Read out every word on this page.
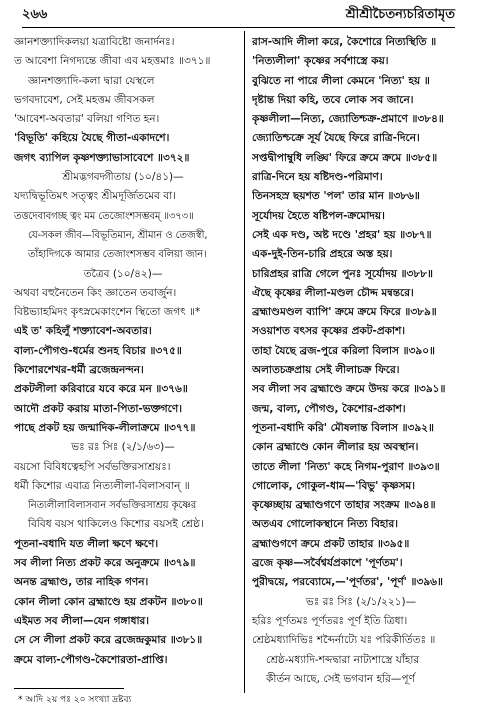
২৬৬	শ্রীশ্রীচৈতন্যচরিতামৃত
জ্ঞানশক্ত্যাদিকলয়া যত্রাবিষ্টো জনার্দনঃ।
ত আবেশা নিগদ্যন্তে জীবা এব মহত্তমাঃ ॥৩৭১॥
জ্ঞানশক্ত্যাদি-কলা দ্বারা যেস্থলে
ভগবদাবেশ, সেই মহত্তম জীবসকল
'আবেশ-অবতার' বলিয়া গণিত হন।
'বিভূতি' কহিয়ে যৈছে গীতা-একাদশে।
জগৎ ব্যাপিল কৃষ্ণশক্ত্যাভাসাবেশে ॥৩৭২॥
শ্রীমদ্ভগবদ্গীতায় (১০/৪১)—
যদ্যদ্বিভূতিমৎ সত্ত্বং শ্রীমদূর্জিতমেব বা।
তত্তদেবাবগচ্ছ ত্বং মম তেজোংশসম্ভবম্ ॥৩৭৩॥
যে-সকল জীব—বিভূতিমান, শ্রীমান ও তেজস্বী,
তাঁহাদিগকে আমার তেজাংশসম্ভব বলিয়া জান।
তত্রৈব (১০/৪২)—
অথবা বহুনৈতেন কিং জ্ঞাতেন তবার্জুন।
বিষ্টভ্যাহমিদং কৃৎস্নমেকাংশেন স্থিতো জগৎ ॥*
এই ত' কহিলুঁ শক্ত্যাবেশ-অবতার।
বাল্য-পৌগণ্ড-ধর্মের শুনহ বিচার ॥৩৭৫॥
কিশোরশেখর-ধর্মী ব্রজেন্দ্রনন্দন।
প্রকটলীলা করিবারে যবে করে মন ॥৩৭৬॥
আদৌ প্রকট করায় মাতা-পিতা-ভক্তগণে।
পাছে প্রকট হয় জন্মাদিক-লীলাক্রমে ॥৩৭৭॥
ভঃ রঃ সিঃ (২/১/৬৩)—
বয়সো বিবিধত্বেহপি সর্বভক্তিরসাশ্রয়ঃ।
ধর্মী কিশোর এবাত্র নিত্যলীলা-বিলাসবান্ ॥
নিত্যলীলাবিলাসবান সর্বভক্তিরসাশ্রয় কৃষ্ণের
বিবিধ বয়স থাকিলেও কিশোর বয়সই শ্রেষ্ঠ।
পূতনা-বধাদি যত লীলা ক্ষণে ক্ষণে।
সব লীলা নিত্য প্রকট করে অনুক্রমে ॥৩৭৯॥
অনন্ত ব্রহ্মাণ্ড, তার নাহিক গণন।
কোন লীলা কোন ব্রহ্মাণ্ডে হয় প্রকটন ॥৩৮০॥
এইমত সব লীলা—যেন গঙ্গাধার।
সে সে লীলা প্রকট করে ব্রজেন্দ্রকুমার ॥৩৮১॥
ক্রমে বাল্য-পৌগণ্ড-কৈশোরতা-প্রাপ্তি।
রাস-আদি লীলা করে, কৈশোরে নিত্যস্থিতি ॥
'নিত্যলীলা' কৃষ্ণের সর্বশাস্ত্রে কয়।
বুঝিতে না পারে লীলা কেমনে 'নিত্য' হয় ॥
দৃষ্টান্ত দিয়া কহি, তবে লোক সব জানে।
কৃষ্ণলীলা—নিত্য, জ্যোতিশ্চক্র-প্রমাণে ॥৩৮৪॥
জ্যোতিশ্চক্রে সূর্য যৈছে ফিরে রাত্রি-দিনে।
সপ্তদ্বীপাম্বুধি লঙ্ঘি' ফিরে ক্রমে ক্রমে ॥৩৮৫॥
রাত্রি-দিনে হয় ষষ্টিদণ্ড-পরিমাণ।
তিনসহস্র ছয়শত 'পল' তার মান ॥৩৮৬॥
সূর্যোদয় হৈতে ষষ্টিপল-ক্রমোদয়।
সেই এক দণ্ড, অষ্ট দণ্ডে 'প্রহর' হয় ॥৩৮৭॥
এক-দুই-তিন-চারি প্রহরে অস্ত হয়।
চারিপ্রহর রাত্রি গেলে পুনঃ সূর্যোদয় ॥৩৮৮॥
ঐছে কৃষ্ণের লীলা-মণ্ডল চৌদ্দ মন্বন্তরে।
ব্রহ্মাণ্ডমণ্ডল ব্যাপি' ক্রমে ক্রমে ফিরে ॥৩৮৯॥
সওয়াশত বৎসর কৃষ্ণের প্রকট-প্রকাশ।
তাহা যৈছে ব্রজ-পুরে করিলা বিলাস ॥৩৯০॥
অলাতচক্রপ্রায় সেই লীলাচক্র ফিরে।
সব লীলা সব ব্রহ্মাণ্ডে ক্রমে উদয় করে ॥৩৯১॥
জন্ম, বাল্য, পৌগণ্ড, কৈশোর-প্রকাশ।
পূতনা-বধাদি করি' মৌষলান্ত বিলাস ॥৩৯২॥
কোন ব্রহ্মাণ্ডে কোন লীলার হয় অবস্থান।
তাতে লীলা 'নিত্য' কহে নিগম-পুরাণ ॥৩৯৩॥
গোলোক, গোকুল-ধাম—'বিভু' কৃষ্ণসম।
কৃষ্ণেচ্ছায় ব্রহ্মাণ্ডগণে তাহার সংক্রম ॥৩৯৪॥
অতএব গোলোকস্থানে নিত্য বিহার।
ব্রহ্মাণ্ডগণে ক্রমে প্রকট তাহার ॥৩৯৫॥
ব্রজে কৃষ্ণ—সর্বৈশ্বর্যপ্রকাশে 'পূর্ণতম'।
পুরীদ্বয়ে, পরব্যোমে,—'পূর্ণতর', 'পূর্ণ' ॥৩৯৬॥
ভঃ রঃ সিঃ (২/১/২২১)—
হরিঃ পূর্ণতমঃ পূর্ণতরঃ পূর্ণ ইতি ত্রিধা।
শ্রেষ্ঠমধ্যাদিভিঃ শব্দৈর্নাট্যে যঃ পরিকীর্তিতঃ ॥
শ্রেষ্ঠ-মধ্যাদি-শব্দদ্বারা নাট্যশাস্ত্রে যাঁহার
কীর্তন আছে, সেই ভগবান হরি—পূর্ণ
* আদি ২য় পঃ ২০ সংখ্যা দ্রষ্টব্য
